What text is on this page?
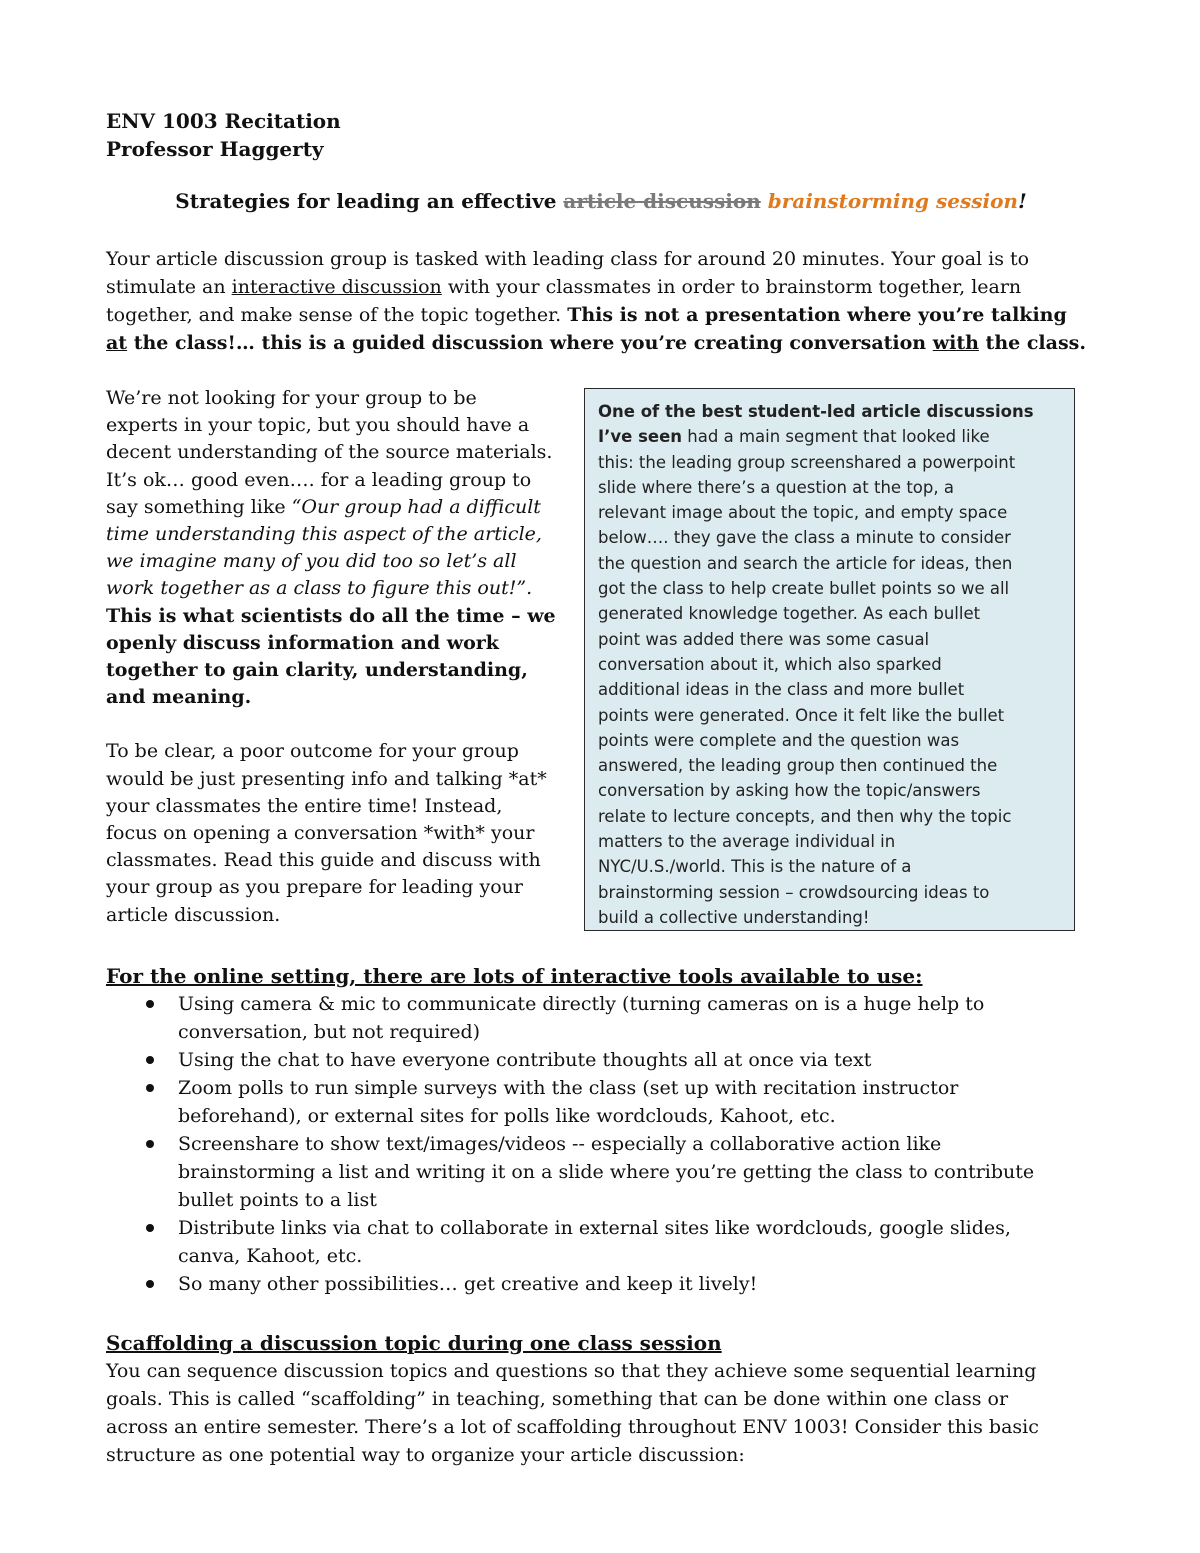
ENV 1003 Recitation
Professor Haggerty
Strategies for leading an effective article discussion brainstorming session!
Your article discussion group is tasked with leading class for around 20 minutes. Your goal is to
stimulate an interactive discussion with your classmates in order to brainstorm together, learn
together, and make sense of the topic together. This is not a presentation where you’re talking
at the class!… this is a guided discussion where you’re creating conversation with the class.

We’re not looking for your group to be
experts in your topic, but you should have a
decent understanding of the source materials.
It’s ok… good even…. for a leading group to
say something like “Our group had a difficult
time understanding this aspect of the article,
we imagine many of you did too so let’s all
work together as a class to figure this out!”.
This is what scientists do all the time – we
openly discuss information and work
together to gain clarity, understanding,
and meaning.

To be clear, a poor outcome for your group
would be just presenting info and talking *at*
your classmates the entire time! Instead,
focus on opening a conversation *with* your
classmates. Read this guide and discuss with
your group as you prepare for leading your
article discussion.

One of the best student-led article discussions
I’ve seen had a main segment that looked like
this: the leading group screenshared a powerpoint
slide where there’s a question at the top, a
relevant image about the topic, and empty space
below…. they gave the class a minute to consider
the question and search the article for ideas, then
got the class to help create bullet points so we all
generated knowledge together. As each bullet
point was added there was some casual
conversation about it, which also sparked
additional ideas in the class and more bullet
points were generated. Once it felt like the bullet
points were complete and the question was
answered, the leading group then continued the
conversation by asking how the topic/answers
relate to lecture concepts, and then why the topic
matters to the average individual in
NYC/U.S./world. This is the nature of a
brainstorming session – crowdsourcing ideas to
build a collective understanding!
For the online setting, there are lots of interactive tools available to use:
Using camera & mic to communicate directly (turning cameras on is a huge help to
conversation, but not required)
Using the chat to have everyone contribute thoughts all at once via text
Zoom polls to run simple surveys with the class (set up with recitation instructor
beforehand), or external sites for polls like wordclouds, Kahoot, etc.
Screenshare to show text/images/videos -- especially a collaborative action like
brainstorming a list and writing it on a slide where you’re getting the class to contribute
bullet points to a list
Distribute links via chat to collaborate in external sites like wordclouds, google slides,
canva, Kahoot, etc.
So many other possibilities… get creative and keep it lively!
Scaffolding a discussion topic during one class session
You can sequence discussion topics and questions so that they achieve some sequential learning
goals. This is called “scaffolding” in teaching, something that can be done within one class or
across an entire semester. There’s a lot of scaffolding throughout ENV 1003! Consider this basic
structure as one potential way to organize your article discussion:
